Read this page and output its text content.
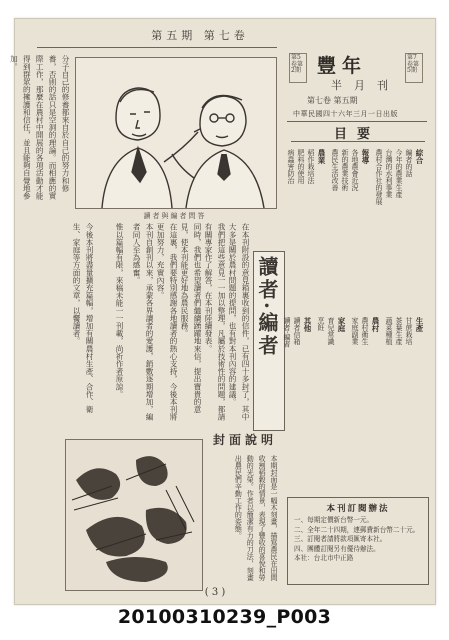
第五期 第七卷
分子自己的修養都來自於自己的努力和修養，否則的話只是空洞的理論。而相應的實際工作，那麼在農村中開展的各項活動才能得到群眾的擁護和信任，並且能夠自覺地參加。
讀者與編者問答
在本刊附設的意見箱裏收到的信件，已有四十多封了，其中大多是關於農村問題的提問，也有對本刊內容的建議。
我們把這些意見一一加以整理，凡屬於技術性的問題，都請有關專家作了解答，在本刊陸續發表。
同時，我們也希望讀者們繼續踴躍地來信，提出寶貴的意見，使本刊能更好地為農民服務。
在這裏，我們要特別感謝各地讀者的熱心支持，今後本刊將更加努力，充實內容。
本刊自創刊以來，承蒙各界讀者的愛護，銷數逐期增加，編者同人至為感奮。
惟以篇幅有限，來稿未能一一刊載，尚祈作者原諒。
今後本刊將盡量擴充篇幅，增加有關農村生產、合作、衛生、家庭等方面的文章，以饗讀者。	讀者·編者
封面說明
本期封面是一幅木刻畫，描寫農民在田間收割稻穀的情景，表現了豐收的喜悅和勞動的光榮。作者以簡潔有力的刀法，刻畫出農民們辛勤工作的姿態。
第5卷第2期 豐年	第7卷第5期
半月刊
第七卷 第五期
中華民國四十六年三月一日出版
目要
綜合
編者的話
今年的農業生產
台灣的水利事業
農村合作社的發展
報導
各地農會近況
新的農業技術
農民生活改善
農業
稻作栽培法
肥料的使用
病蟲害防治
生產
甘蔗栽培
茶葉生產
蔬菜種植
農村
農村衛生
家庭副業
家庭
育兒常識
烹飪
其他
讀者信箱
讀者·編者
本刊訂閱辦法
一、每期定價新台幣一元。
二、全年二十四期，連郵費新台幣二十元。
三、訂閱者請將款項匯寄本社。
四、團體訂閱另有優待辦法。
本社：台北市中正路
( 3 )
20100310239_P003
